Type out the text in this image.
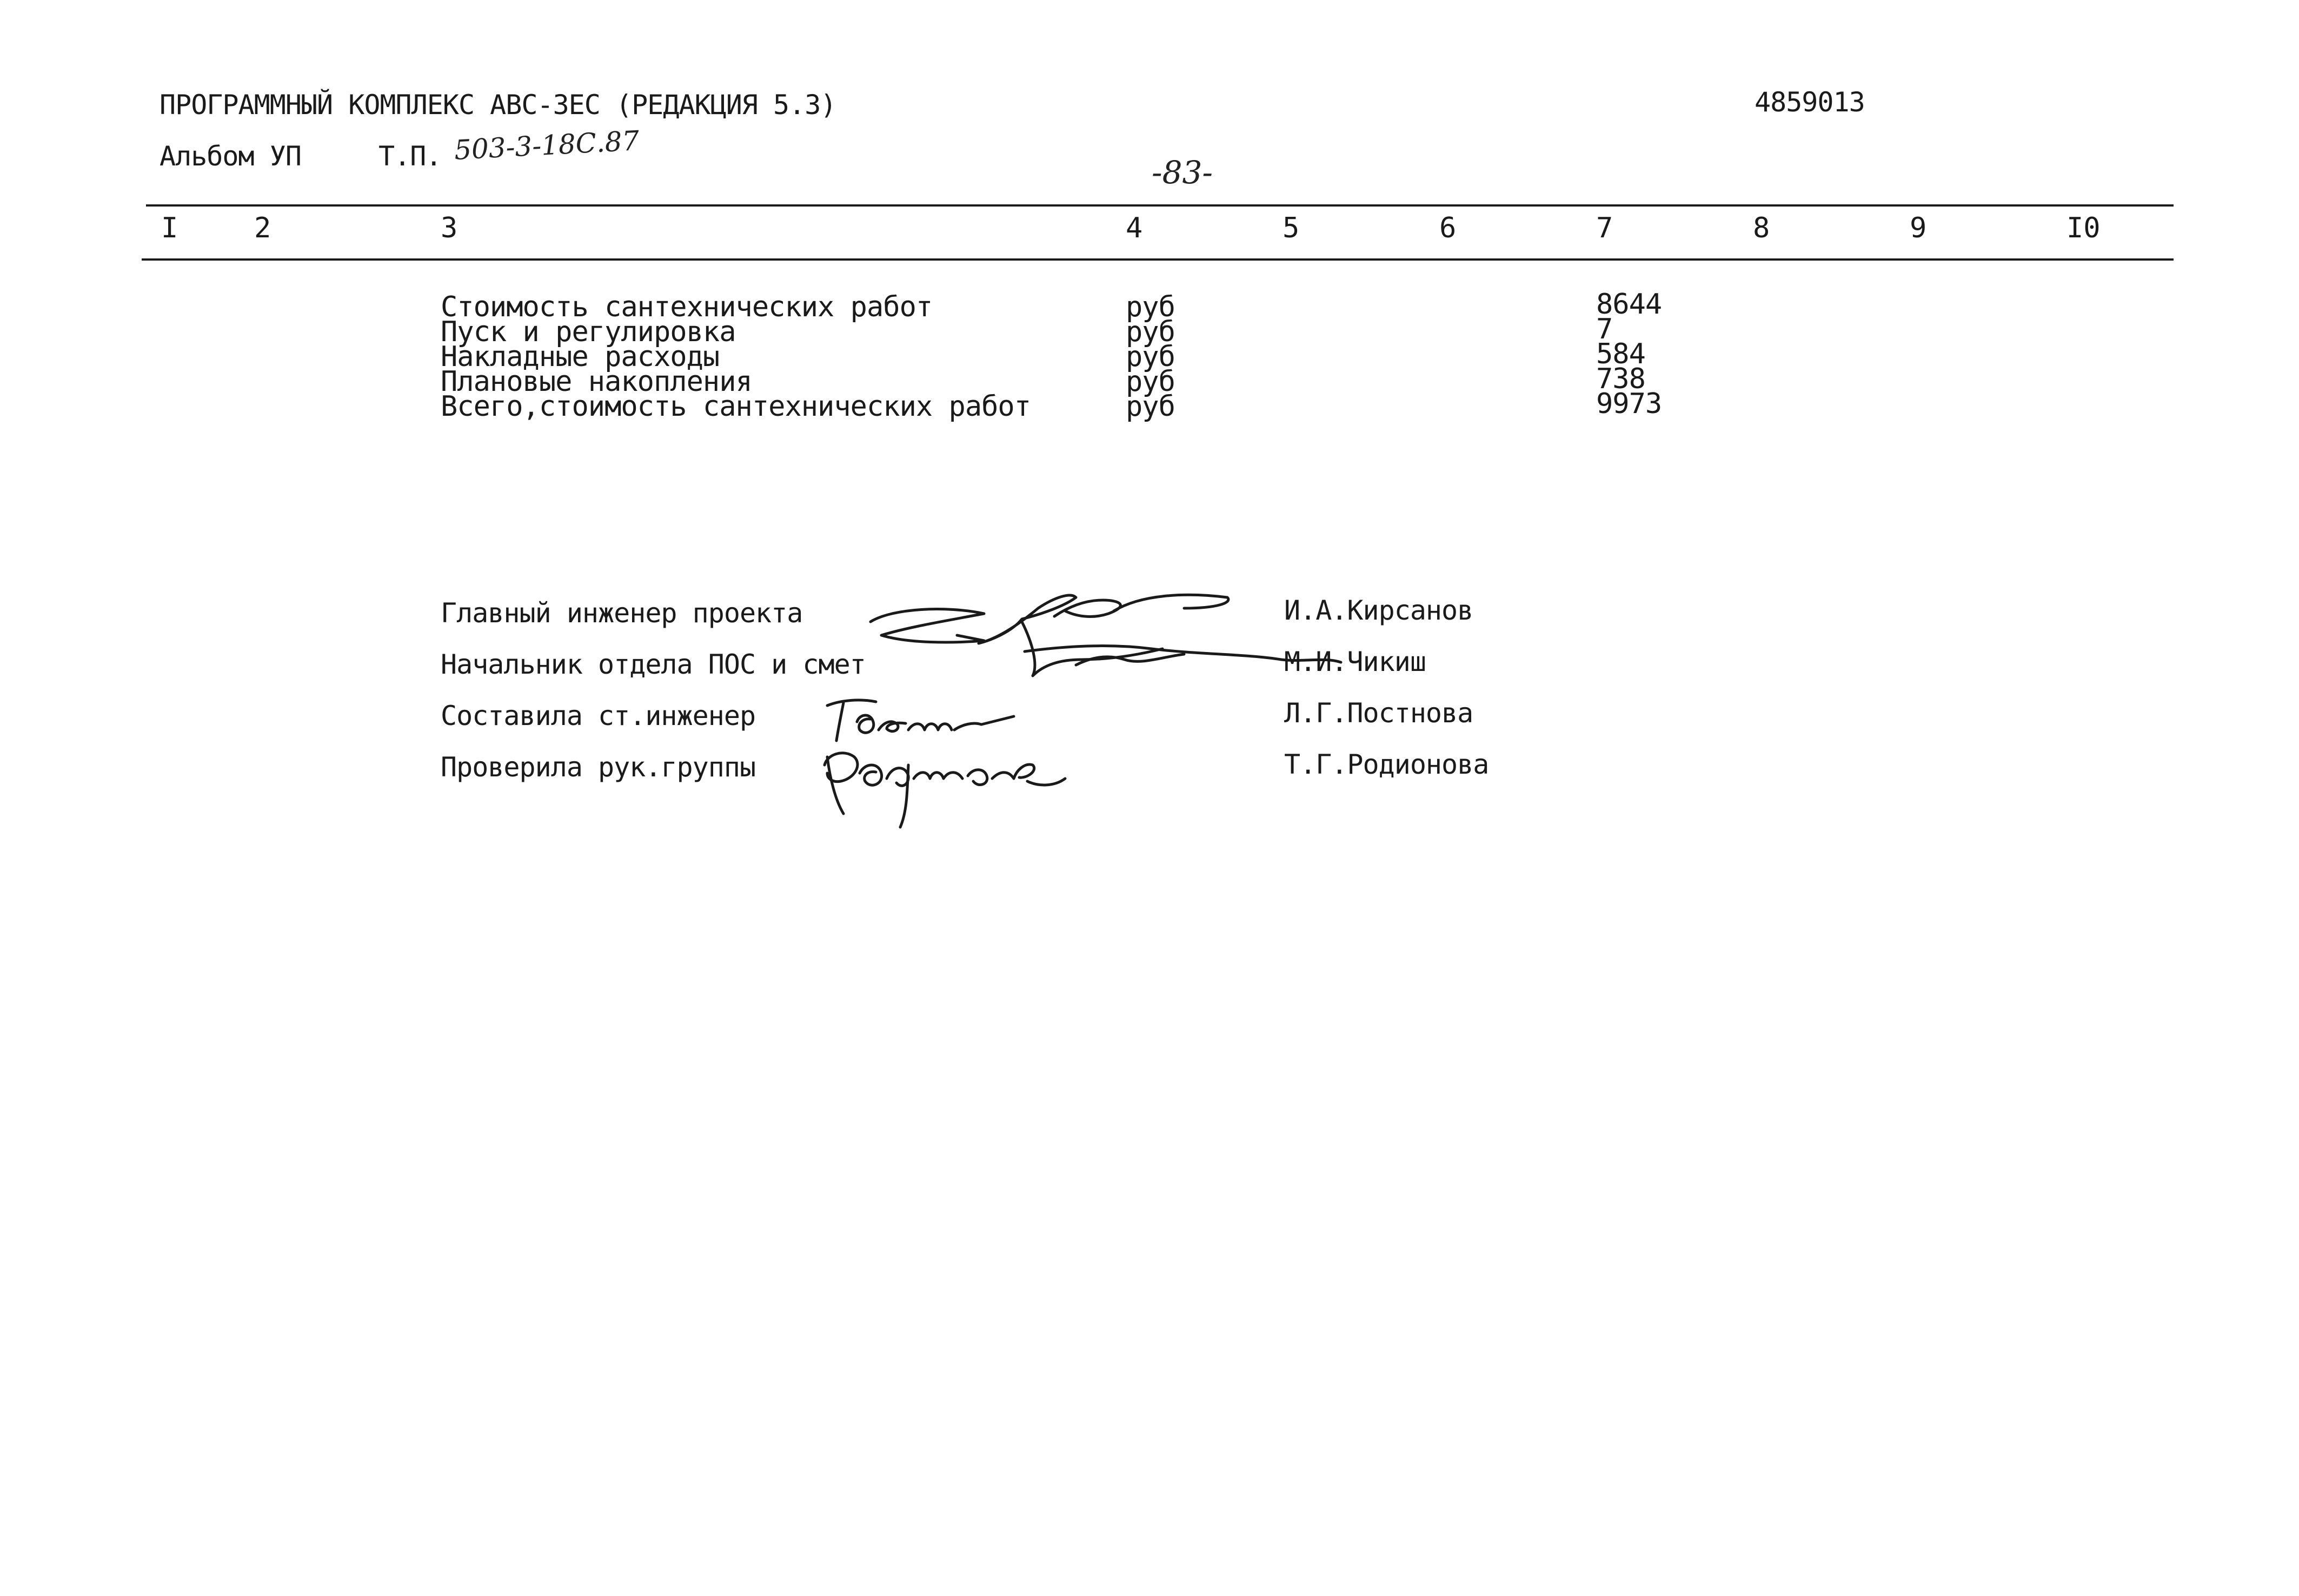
ПРОГРАММНЫЙ КОМПЛЕКС АВС-ЗЕС (РЕДАКЦИЯ 5.3)	4859013
Альбом УП	Т.П. 503-3-18С.87
-83-
I	2	3	4	5	6	7	8	9	I0
Стоимость сантехнических работ	руб	8644
Пуск и регулировка	руб	7
Накладные расходы	руб	584
Плановые накопления	руб	738
Всего,стоимость сантехнических работ	руб	9973
Главный инженер проекта	И.А.Кирсанов
Начальник отдела ПОС и смет	М.И.Чикиш
Составила ст.инженер	Л.Г.Постнова
Проверила рук.группы	Т.Г.Родионова
